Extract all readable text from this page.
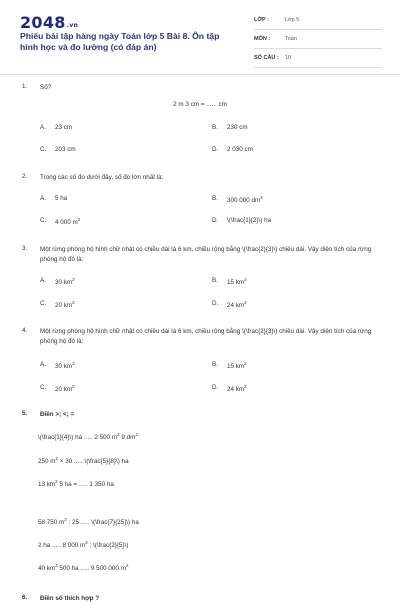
2048.vn
Phiếu bài tập hàng ngày Toán lớp 5 Bài 8. Ôn tập hình học và đo lường (có đáp án)
LỚP :	Lớp 5
MÔN :	Toán
SỐ CÂU : 10
1. Số?
2 m 3 cm = ...... cm
A.	23 cm	B.	230 cm
C.	203 cm	D.	2 030 cm
2. Trong các số đo dưới đây, số đo lớn nhất là:
A.	5 ha	B.	300 000 $dm^2$
C.	4 000 $m^2$	D.	\(\frac{1}{2}\) ha
3. Một rừng phòng hộ hình chữ nhật có chiều dài là 6 km, chiều rộng bằng \(\frac{2}{3}\) chiều dài. Vậy diện tích của rừng phòng hộ đó là:
A.	30 $km^2$	B.	15 $km^2$
C.	20 $km^2$	D.	24 $km^2$
4. Một rừng phòng hộ hình chữ nhật có chiều dài là 6 km, chiều rộng bằng \(\frac{2}{3}\) chiều dài. Vậy diện tích của rừng phòng hộ đó là:
A.	30 $km^2$	B.	15 $km^2$
C.	20 $km^2$	D.	24 $km^2$
5. Điền >; <; =
\(\frac{1}{4}\) ha ..... 2 500 $m^2$ 9 $dm^2$
250 $m^2 \times 30$ ..... \(\frac{5}{8}\) ha
13 $km^2$ 5 ha = ..... 1 350 ha
58 750 $m^2$ : 25 ..... \(\frac{7}{25}\) ha
2 ha ..... 8 000 $m^2$ : \(\frac{2}{5}\)
40 $km^2$ 500 ha ..... 9 500 000 $m^2$
6. Điền số thích hợp ?
